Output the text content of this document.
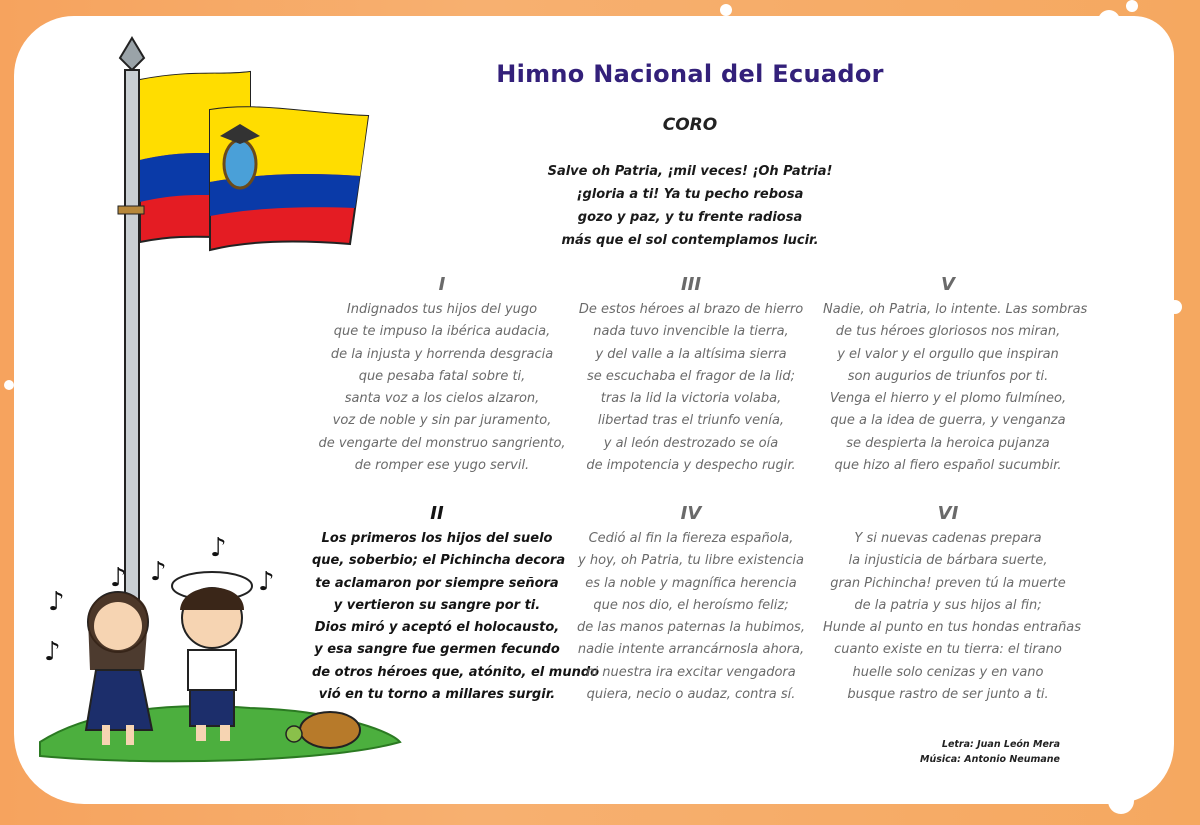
♪
♪
♪ ♪
♪
♪
Himno Nacional del Ecuador
CORO
Salve oh Patria, ¡mil veces! ¡Oh Patria!
¡gloria a ti! Ya tu pecho rebosa
gozo y paz, y tu frente radiosa
más que el sol contemplamos lucir.
I
Indignados tus hijos del yugo
que te impuso la ibérica audacia,
de la injusta y horrenda desgracia
que pesaba fatal sobre ti,
santa voz a los cielos alzaron,
voz de noble y sin par juramento,
de vengarte del monstruo sangriento,
de romper ese yugo servil.
II
Los primeros los hijos del suelo
que, soberbio; el Pichincha decora
te aclamaron por siempre señora
y vertieron su sangre por ti.
Dios miró y aceptó el holocausto,
y esa sangre fue germen fecundo
de otros héroes que, atónito, el mundo
vió en tu torno a millares surgir.
III
De estos héroes al brazo de hierro
nada tuvo invencible la tierra,
y del valle a la altísima sierra
se escuchaba el fragor de la lid;
tras la lid la victoria volaba,
libertad tras el triunfo venía,
y al león destrozado se oía
de impotencia y despecho rugir.
IV
Cedió al fin la fiereza española,
y hoy, oh Patria, tu libre existencia
es la noble y magnífica herencia
que nos dio, el heroísmo feliz;
de las manos paternas la hubimos,
nadie intente arrancárnosla ahora,
ni nuestra ira excitar vengadora
quiera, necio o audaz, contra sí.
V
Nadie, oh Patria, lo intente. Las sombras
de tus héroes gloriosos nos miran,
y el valor y el orgullo que inspiran
son augurios de triunfos por ti.
Venga el hierro y el plomo fulmíneo,
que a la idea de guerra, y venganza
se despierta la heroica pujanza
que hizo al fiero español sucumbir.
VI
Y si nuevas cadenas prepara
la injusticia de bárbara suerte,
gran Pichincha! preven tú la muerte
de la patria y sus hijos al fin;
Hunde al punto en tus hondas entrañas
cuanto existe en tu tierra: el tirano
huelle solo cenizas y en vano
busque rastro de ser junto a ti.
Letra: Juan León Mera
Música: Antonio Neumane
